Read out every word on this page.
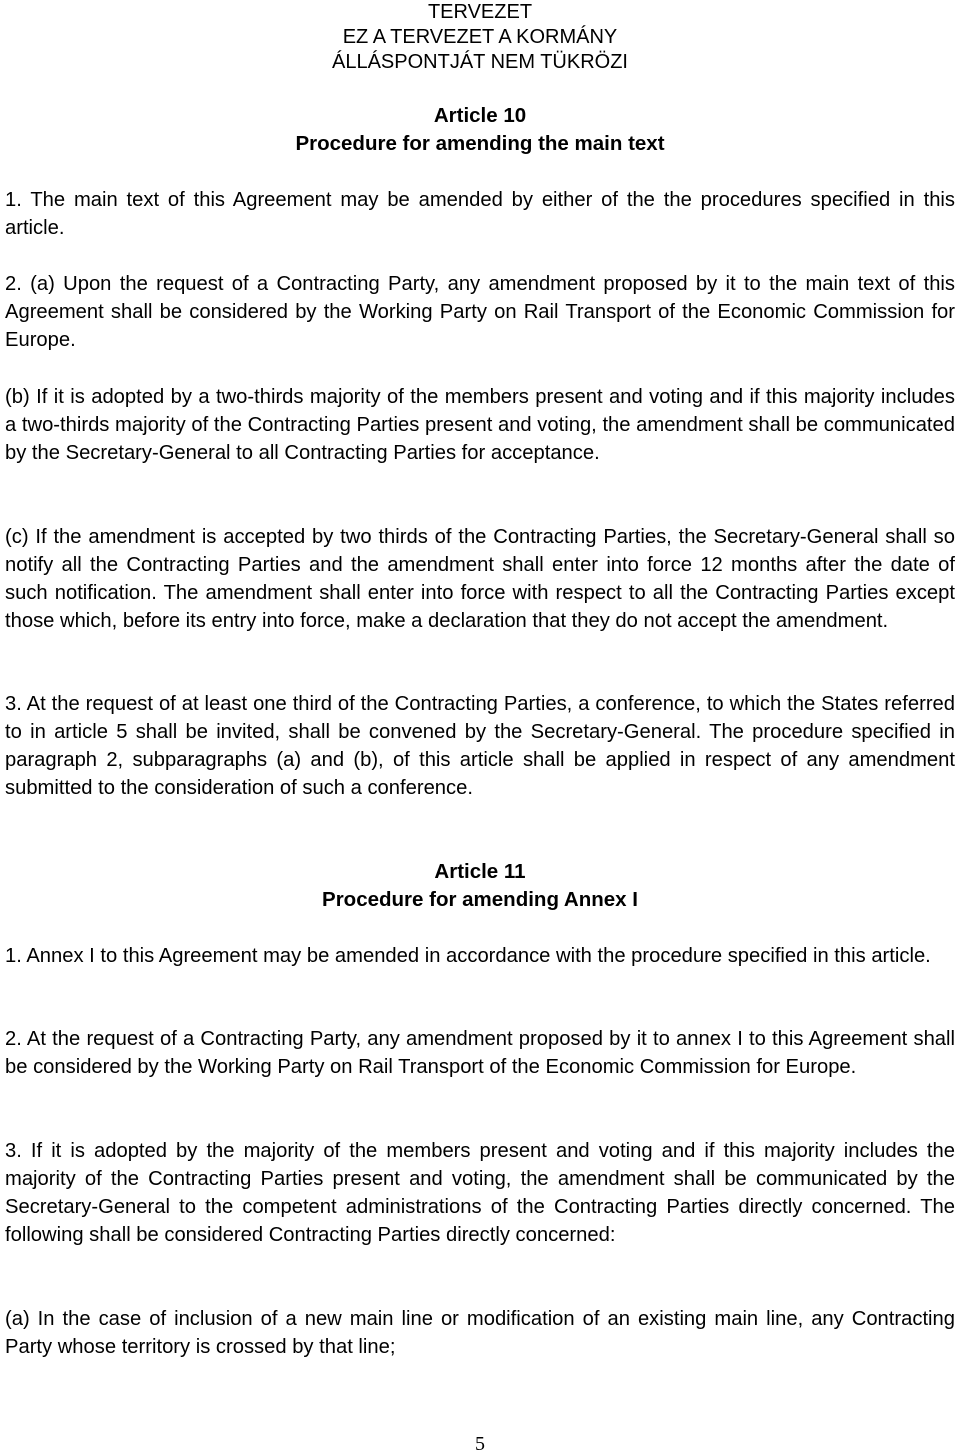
TERVEZET
EZ A TERVEZET A KORMÁNY
ÁLLÁSPONTJÁT NEM TÜKRÖZI
Article 10
Procedure for amending the main text

1. The main text of this Agreement may be amended by either of the the procedures specified in this article.

2. (a) Upon the request of a Contracting Party, any amendment proposed by it to the main text of this Agreement shall be considered by the Working Party on Rail Transport of the Economic Commission for Europe.

(b) If it is adopted by a two-thirds majority of the members present and voting and if this majority includes a two-thirds majority of the Contracting Parties present and voting, the amendment shall be communicated by the Secretary-General to all Contracting Parties for acceptance.

(c) If the amendment is accepted by two thirds of the Contracting Parties, the Secretary-General shall so notify all the Contracting Parties and the amendment shall enter into force 12 months after the date of such notification. The amendment shall enter into force with respect to all the Contracting Parties except those which, before its entry into force, make a declaration that they do not accept the amendment.

3. At the request of at least one third of the Contracting Parties, a conference, to which the States referred to in article 5 shall be invited, shall be convened by the Secretary-General. The procedure specified in paragraph 2, subparagraphs (a) and (b), of this article shall be applied in respect of any amendment submitted to the consideration of such a conference.

Article 11
Procedure for amending Annex I

1. Annex I to this Agreement may be amended in accordance with the procedure specified in this article.

2. At the request of a Contracting Party, any amendment proposed by it to annex I to this Agreement shall be considered by the Working Party on Rail Transport of the Economic Commission for Europe.

3. If it is adopted by the majority of the members present and voting and if this majority includes the majority of the Contracting Parties present and voting, the amendment shall be communicated by the Secretary-General to the competent administrations of the Contracting Parties directly concerned. The following shall be considered Contracting Parties directly concerned:

(a) In the case of inclusion of a new main line or modification of an existing main line, any Contracting Party whose territory is crossed by that line;

5
